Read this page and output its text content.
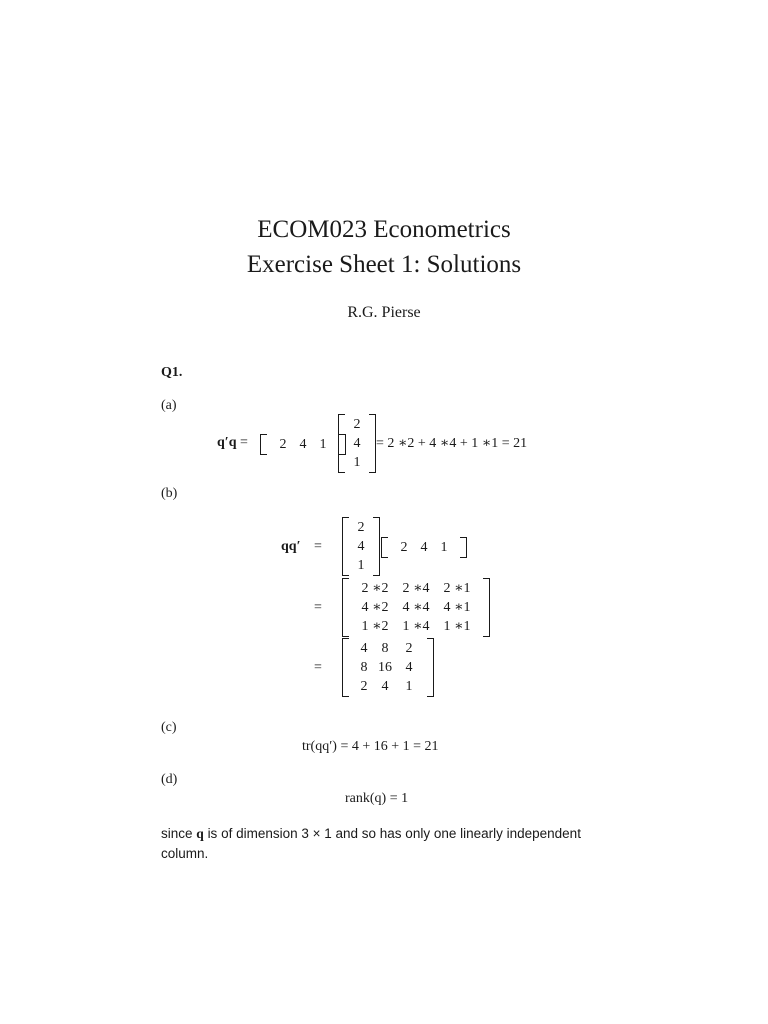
ECOM023 Econometrics
Exercise Sheet 1: Solutions
R.G. Pierse
Q1.
(a)
q′q =	2 4 1
2
4
1
= 2 ∗2 + 4 ∗4 + 1 ∗1 = 21
(b)
qq′ =
2
4
1
2 4 1
=
2 ∗2 2 ∗4 2 ∗1
4 ∗2 4 ∗4 4 ∗1
1 ∗2 1 ∗4 1 ∗1
=
4	8	2
8 16 4
2	4	1
(c)
tr(qq′) = 4 + 16 + 1 = 21
(d)
rank(q) = 1
since q is of dimension 3 × 1 and so has only one linearly independent column.
